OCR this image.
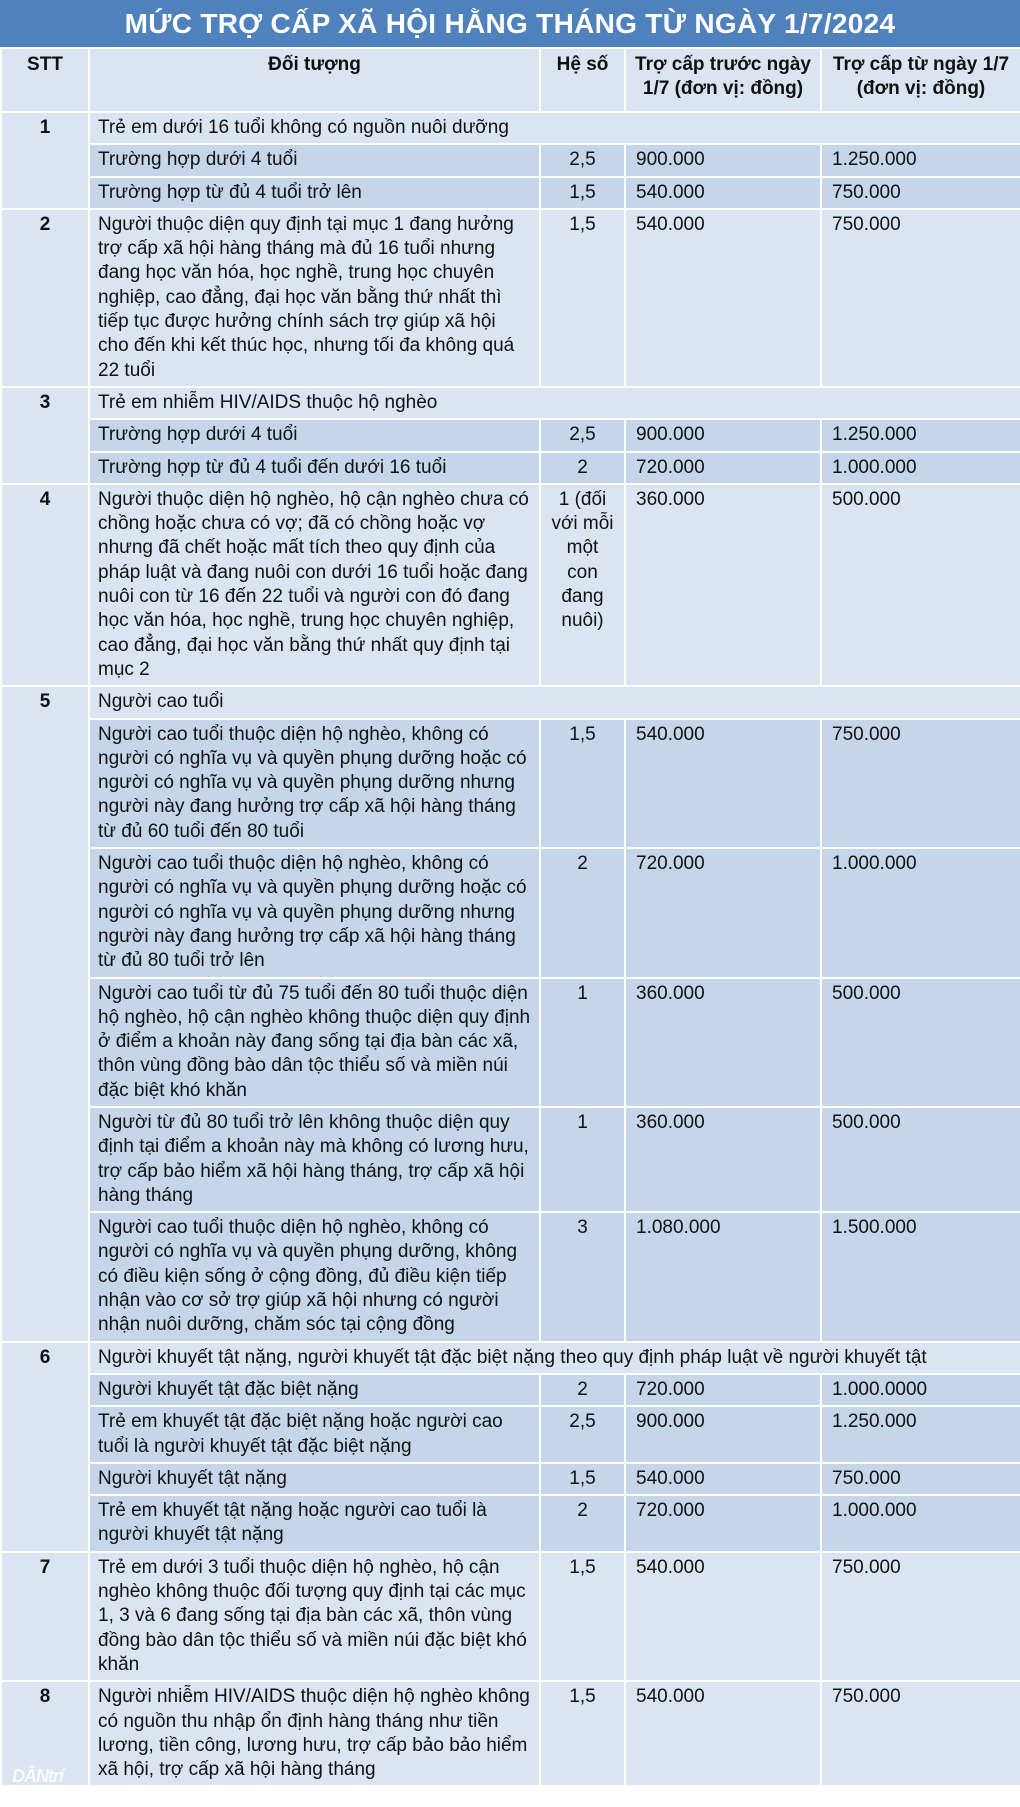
MỨC TRỢ CẤP XÃ HỘI HẰNG THÁNG TỪ NGÀY 1/7/2024
STT	Đối tượng	Hệ số	Trợ cấp trước ngày 1/7 (đơn vị: đồng)	Trợ cấp từ ngày 1/7 (đơn vị: đồng)
1	Trẻ em dưới 16 tuổi không có nguồn nuôi dưỡng			
	Trường hợp dưới 4 tuổi	2,5	900.000	1.250.000
	Trường hợp từ đủ 4 tuổi trở lên	1,5	540.000	750.000
2	Người thuộc diện quy định tại mục 1 đang hưởng trợ cấp xã hội hàng tháng mà đủ 16 tuổi nhưng đang học văn hóa, học nghề, trung học chuyên nghiệp, cao đẳng, đại học văn bằng thứ nhất thì tiếp tục được hưởng chính sách trợ giúp xã hội cho đến khi kết thúc học, nhưng tối đa không quá 22 tuổi	1,5	540.000	750.000
3	Trẻ em nhiễm HIV/AIDS thuộc hộ nghèo			
	Trường hợp dưới 4 tuổi	2,5	900.000	1.250.000
	Trường hợp từ đủ 4 tuổi đến dưới 16 tuổi	2	720.000	1.000.000
4	Người thuộc diện hộ nghèo, hộ cận nghèo chưa có chồng hoặc chưa có vợ; đã có chồng hoặc vợ nhưng đã chết hoặc mất tích theo quy định của pháp luật và đang nuôi con dưới 16 tuổi hoặc đang nuôi con từ 16 đến 22 tuổi và người con đó đang học văn hóa, học nghề, trung học chuyên nghiệp, cao đẳng, đại học văn bằng thứ nhất quy định tại mục 2	1 (đối với mỗi một con đang nuôi)	360.000	500.000
5	Người cao tuổi			
	Người cao tuổi thuộc diện hộ nghèo, không có người có nghĩa vụ và quyền phụng dưỡng hoặc có người có nghĩa vụ và quyền phụng dưỡng nhưng người này đang hưởng trợ cấp xã hội hàng tháng từ đủ 60 tuổi đến 80 tuổi	1,5	540.000	750.000
	Người cao tuổi thuộc diện hộ nghèo, không có người có nghĩa vụ và quyền phụng dưỡng hoặc có người có nghĩa vụ và quyền phụng dưỡng nhưng người này đang hưởng trợ cấp xã hội hàng tháng từ đủ 80 tuổi trở lên	2	720.000	1.000.000
	Người cao tuổi từ đủ 75 tuổi đến 80 tuổi thuộc diện hộ nghèo, hộ cận nghèo không thuộc diện quy định ở điểm a khoản này đang sống tại địa bàn các xã, thôn vùng đồng bào dân tộc thiểu số và miền núi đặc biệt khó khăn	1	360.000	500.000
	Người từ đủ 80 tuổi trở lên không thuộc diện quy định tại điểm a khoản này mà không có lương hưu, trợ cấp bảo hiểm xã hội hàng tháng, trợ cấp xã hội hàng tháng	1	360.000	500.000
	Người cao tuổi thuộc diện hộ nghèo, không có người có nghĩa vụ và quyền phụng dưỡng, không có điều kiện sống ở cộng đồng, đủ điều kiện tiếp nhận vào cơ sở trợ giúp xã hội nhưng có người nhận nuôi dưỡng, chăm sóc tại cộng đồng	3	1.080.000	1.500.000
6	Người khuyết tật nặng, người khuyết tật đặc biệt nặng theo quy định pháp luật về người khuyết tật			
	Người khuyết tật đặc biệt nặng	2	720.000	1.000.0000
	Trẻ em khuyết tật đặc biệt nặng hoặc người cao tuổi là người khuyết tật đặc biệt nặng	2,5	900.000	1.250.000
	Người khuyết tật nặng	1,5	540.000	750.000
	Trẻ em khuyết tật nặng hoặc người cao tuổi là người khuyết tật nặng	2	720.000	1.000.000
7	Trẻ em dưới 3 tuổi thuộc diện hộ nghèo, hộ cận nghèo không thuộc đối tượng quy định tại các mục 1, 3 và 6 đang sống tại địa bàn các xã, thôn vùng đồng bào dân tộc thiểu số và miền núi đặc biệt khó khăn	1,5	540.000	750.000
8	Người nhiễm HIV/AIDS thuộc diện hộ nghèo không có nguồn thu nhập ổn định hàng tháng như tiền lương, tiền công, lương hưu, trợ cấp bảo bảo hiểm xã hội, trợ cấp xã hội hàng tháng	1,5	540.000	750.000
DÂNtrí
